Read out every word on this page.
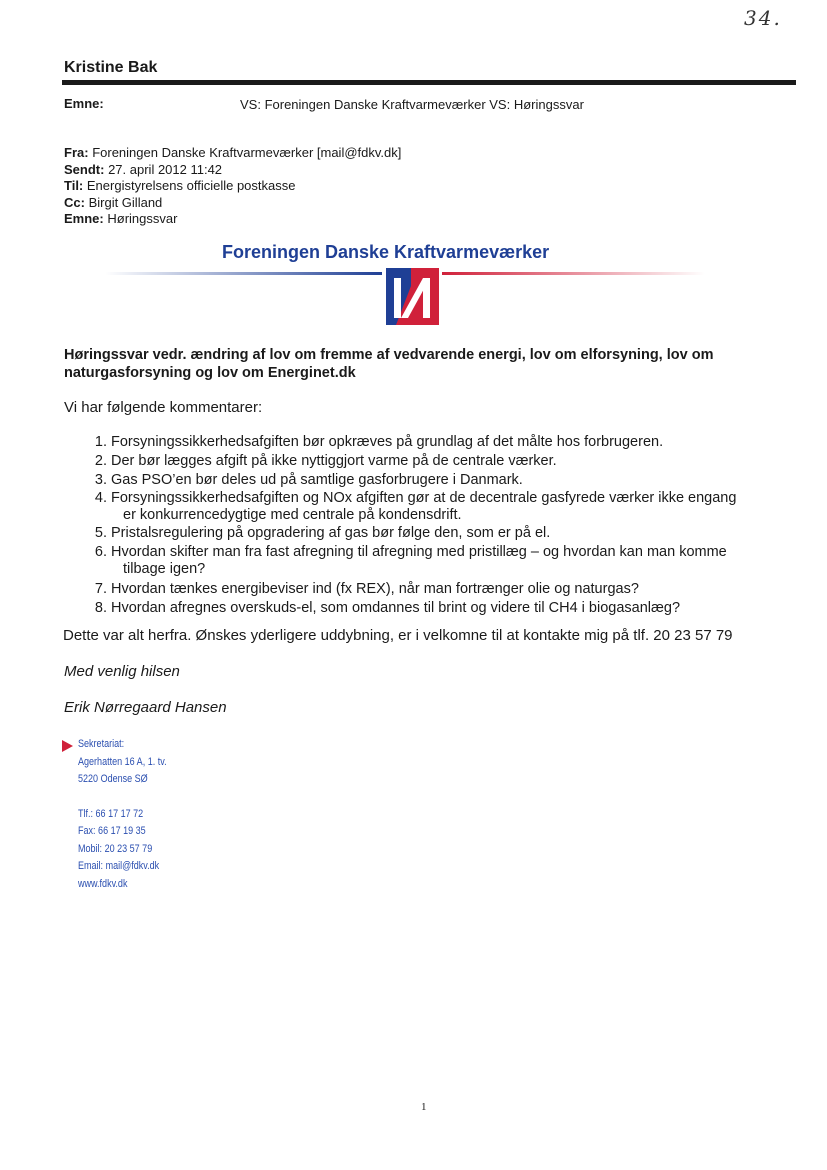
34.
Kristine Bak
Emne:	VS: Foreningen Danske Kraftvarmeværker VS: Høringssvar
Fra: Foreningen Danske Kraftvarmeværker [mail@fdkv.dk]
Sendt: 27. april 2012 11:42
Til: Energistyrelsens officielle postkasse
Cc: Birgit Gilland
Emne: Høringssvar
Foreningen Danske Kraftvarmeværker
Høringssvar vedr. ændring af lov om fremme af vedvarende energi, lov om elforsyning, lov om
naturgasforsyning og lov om Energinet.dk
Vi har følgende kommentarer:
1. Forsyningssikkerhedsafgiften bør opkræves på grundlag af det målte hos forbrugeren.
2. Der bør lægges afgift på ikke nyttiggjort varme på de centrale værker.
3. Gas PSO’en bør deles ud på samtlige gasforbrugere i Danmark.
4. Forsyningssikkerhedsafgiften og NOx afgiften gør at de decentrale gasfyrede værker ikke engang
er konkurrencedygtige med centrale på kondensdrift.
5. Pristalsregulering på opgradering af gas bør følge den, som er på el.
6. Hvordan skifter man fra fast afregning til afregning med pristillæg – og hvordan kan man komme
tilbage igen?
7. Hvordan tænkes energibeviser ind (fx REX), når man fortrænger olie og naturgas?
8. Hvordan afregnes overskuds-el, som omdannes til brint og videre til CH4 i biogasanlæg?
Dette var alt herfra. Ønskes yderligere uddybning, er i velkomne til at kontakte mig på tlf. 20 23 57 79
Med venlig hilsen
Erik Nørregaard Hansen
Sekretariat:
Agerhatten 16 A, 1. tv.
5220 Odense SØ
Tlf.: 66 17 17 72
Fax: 66 17 19 35
Mobil: 20 23 57 79
Email: mail@fdkv.dk
www.fdkv.dk
1
